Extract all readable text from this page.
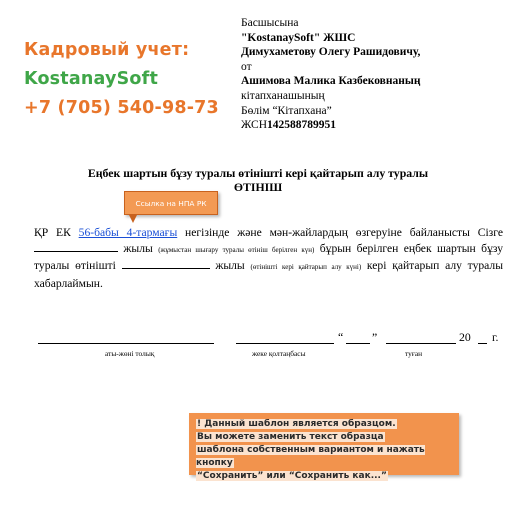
Кадровый учет:
KostanaySoft
+7 (705) 540-98-73
Басшысына
"KostanaySoft" ЖШС
Димухаметову Олегу Рашидовичу,
от
Ашимова Малика Казбековнаның
кітапханашының
Бөлім “Кітапхана”
ЖСН142588789951
Еңбек шартын бұзу туралы өтінішті кері қайтарып алу туралы
ӨТІНІШ
Ссылка на НПА РК
ҚР ЕК 56-бабы 4-тармағы негізінде және мән-жайлардың өзгеруіне байланысты Сізге  жылы (жұмыстан шығару туралы өтініш берілген күн) бұрын берілген еңбек шартын бұзу туралы өтінішті	жылы (өтінішті кері қайтарып алу күні) кері қайтарып алу туралы хабарлаймын.
“ ”	20 г.
аты-жөні толық	жеке қолтаңбасы	туған
! Данный шаблон является образцом.
Вы можете заменить текст образца
шаблона собственным вариантом и нажать кнопку
“Сохранить” или “Сохранить как...”
